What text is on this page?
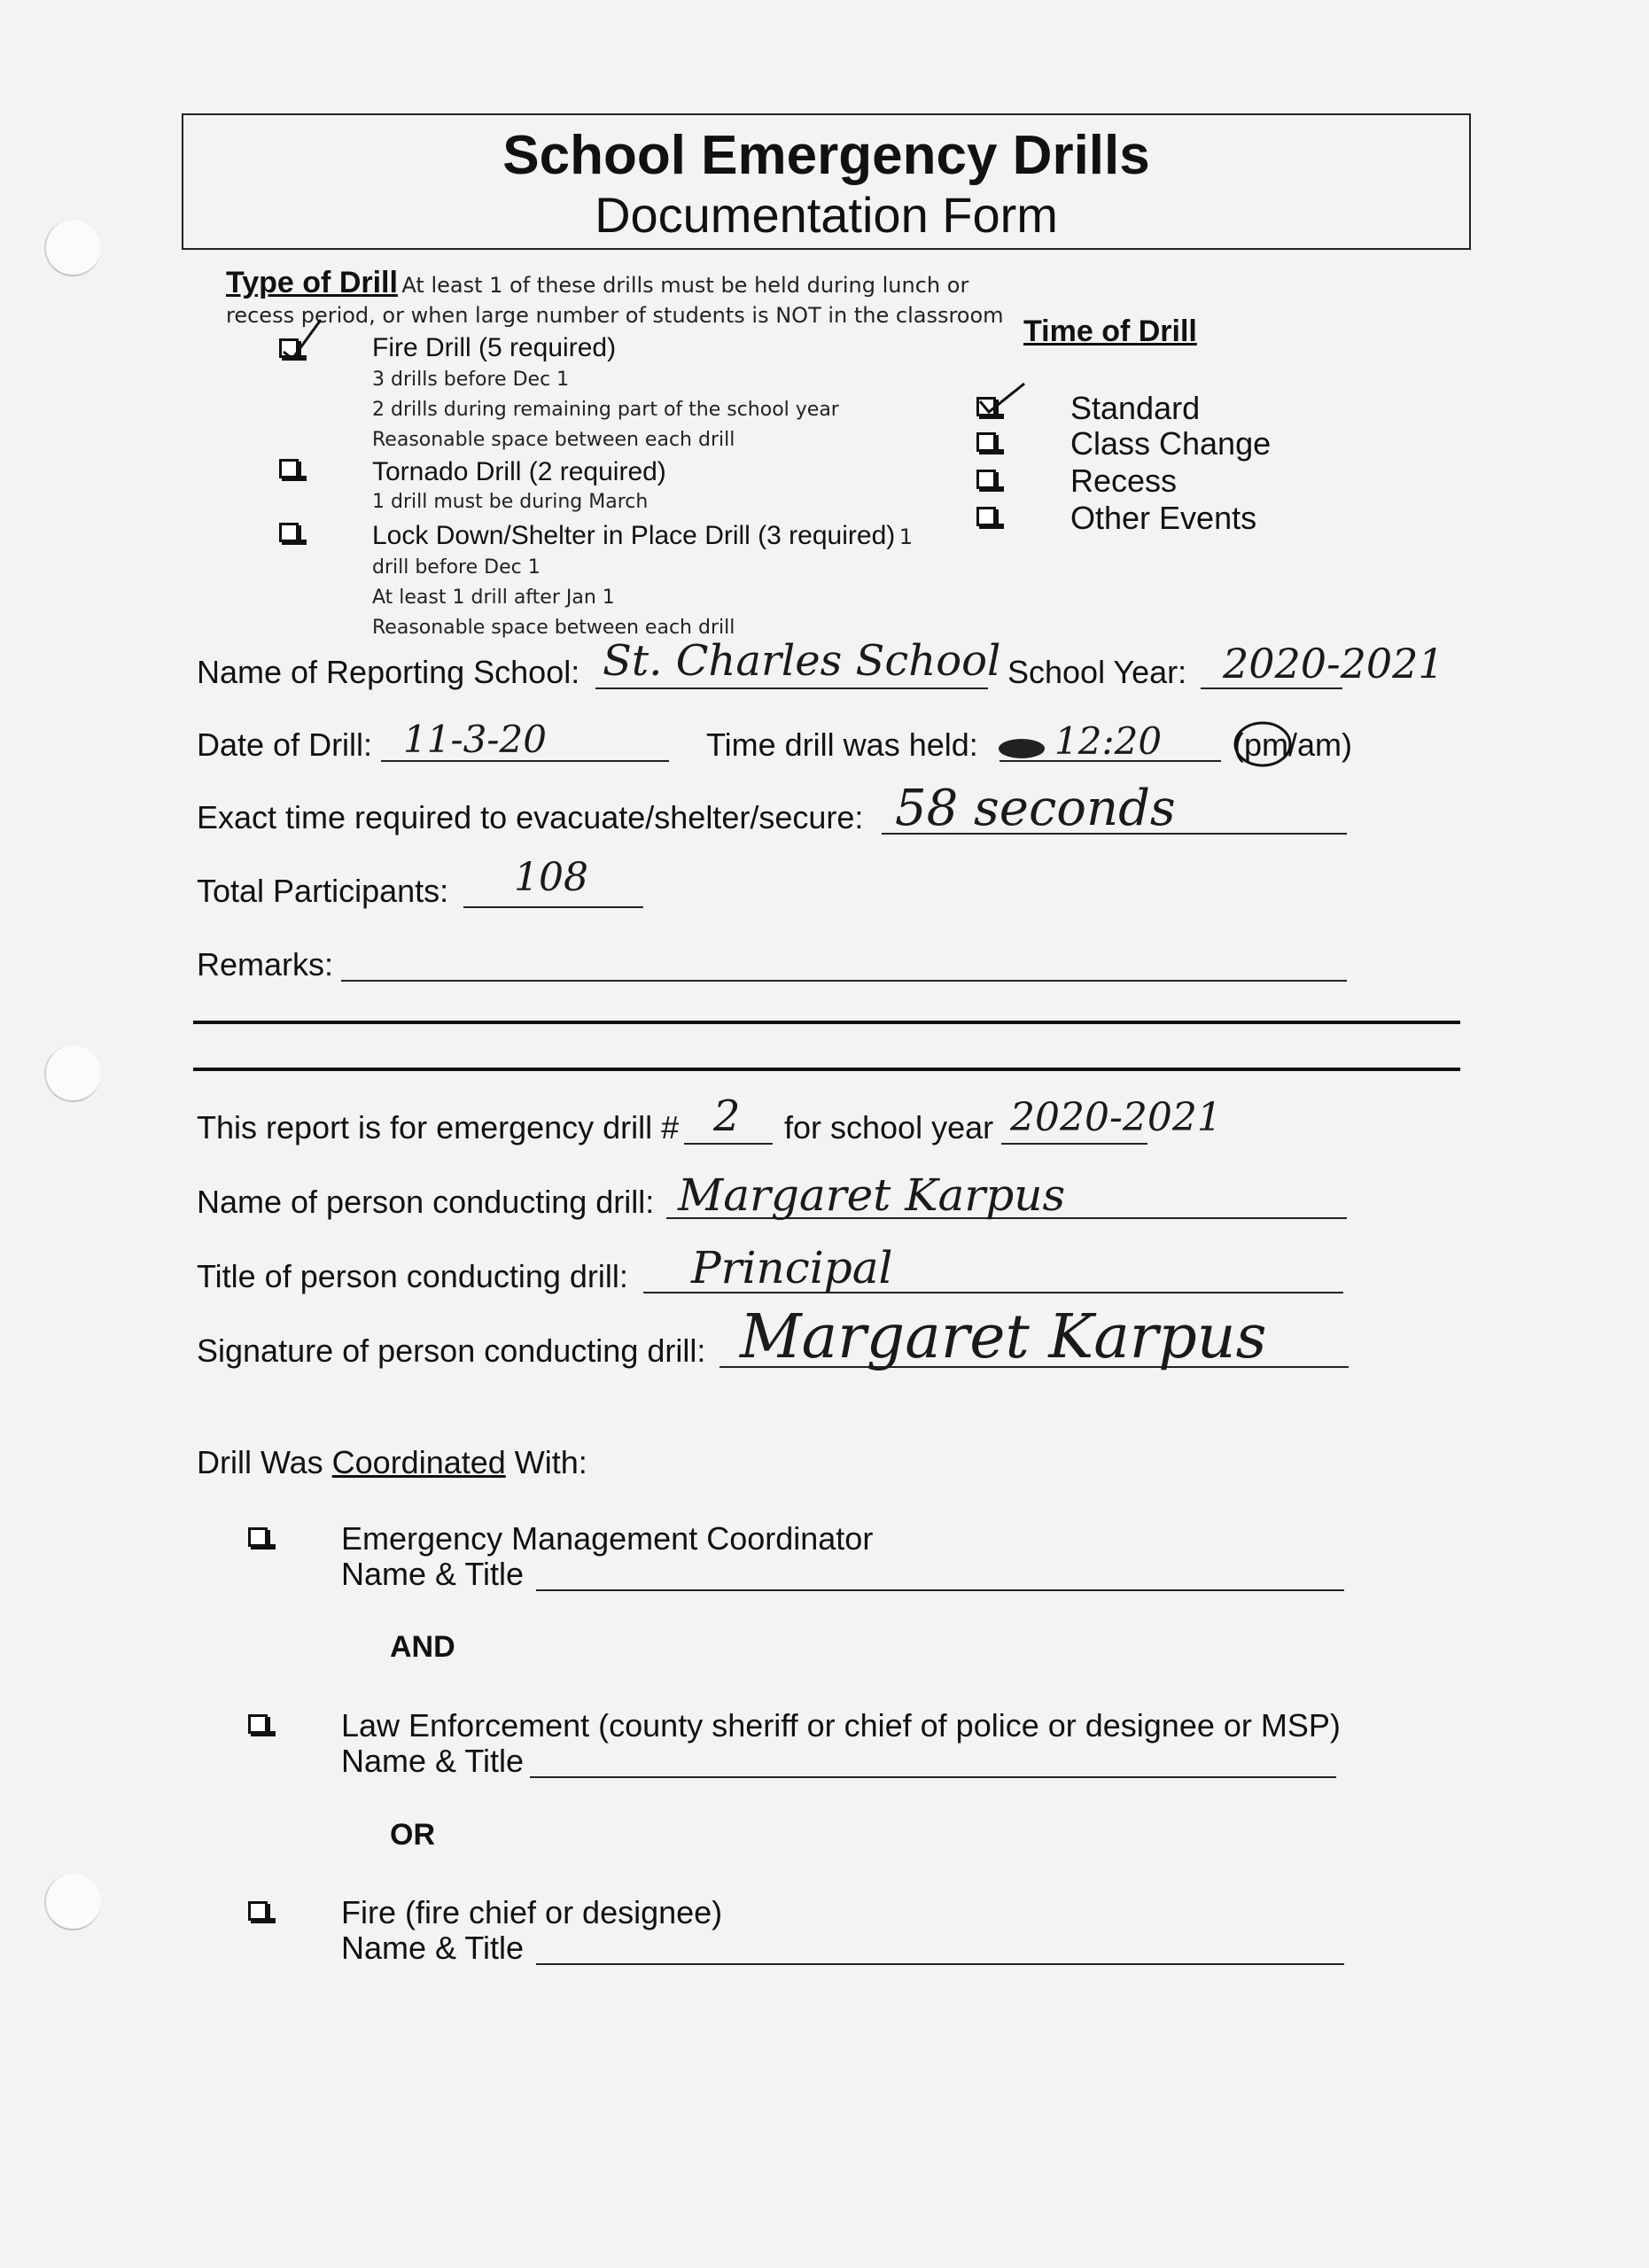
School Emergency Drills
Documentation Form
Type of Drill At least 1 of these drills must be held during lunch or
recess period, or when large number of students is NOT in the classroom
Fire Drill (5 required)
3 drills before Dec 1
2 drills during remaining part of the school year
Reasonable space between each drill
Tornado Drill (2 required)
1 drill must be during March
Lock Down/Shelter in Place Drill (3 required) 1
drill before Dec 1
At least 1 drill after Jan 1
Reasonable space between each drill
Time of Drill
Standard
Class Change
Recess
Other Events
Name of Reporting School: St. Charles School School Year: 2020-2021
Date of Drill: 11-3-20	Time drill was held: 12:20 (pm/am)
Exact time required to evacuate/shelter/secure: 58 seconds
Total Participants: 108
Remarks:
This report is for emergency drill # 2 for school year 2020-2021
Name of person conducting drill: Margaret Karpus
Title of person conducting drill: Principal
Signature of person conducting drill: Margaret Karpus
Drill Was Coordinated With:
Emergency Management Coordinator
Name & Title
AND
Law Enforcement (county sheriff or chief of police or designee or MSP)
Name & Title
OR
Fire (fire chief or designee)
Name & Title
